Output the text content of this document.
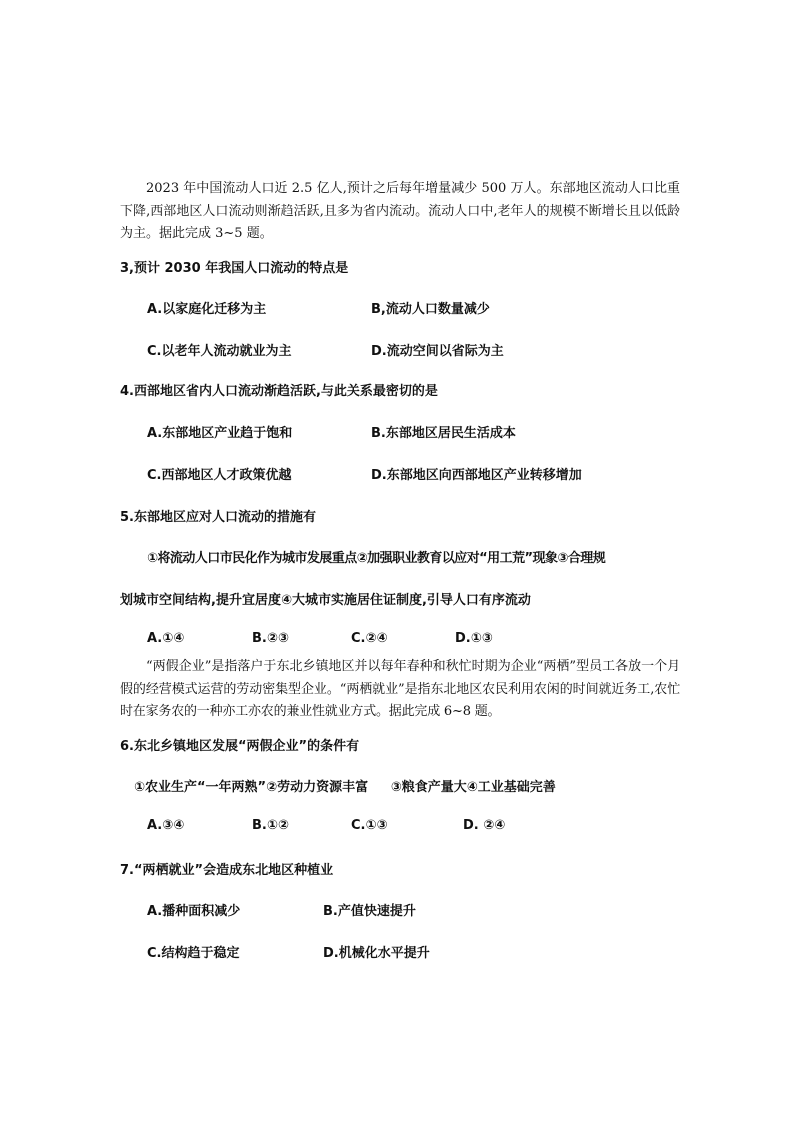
2023 年中国流动人口近 2.5 亿人,预计之后每年增量减少 500 万人。东部地区流动人口比重下降,西部地区人口流动则渐趋活跃,且多为省内流动。流动人口中,老年人的规模不断增长且以低龄为主。据此完成 3~5 题。

3,预计 2030 年我国人口流动的特点是

A.以家庭化迁移为主	B,流动人口数量减少

C.以老年人流动就业为主	D.流动空间以省际为主

4.西部地区省内人口流动渐趋活跃,与此关系最密切的是

A.东部地区产业趋于饱和	B.东部地区居民生活成本

C.西部地区人才政策优越	D.东部地区向西部地区产业转移增加

5.东部地区应对人口流动的措施有

①将流动人口市民化作为城市发展重点②加强职业教育以应对“用工荒”现象③合理规

划城市空间结构,提升宜居度④大城市实施居住证制度,引导人口有序流动

A.①④	B.②③	C.②④	D.①③

“两假企业”是指落户于东北乡镇地区并以每年春种和秋忙时期为企业“两栖”型员工各放一个月假的经营模式运营的劳动密集型企业。“两栖就业”是指东北地区农民利用农闲的时间就近务工,农忙时在家务农的一种亦工亦农的兼业性就业方式。据此完成 6~8 题。

6.东北乡镇地区发展“两假企业”的条件有

①农业生产“一年两熟”②劳动力资源丰富     ③粮食产量大④工业基础完善

A.③④	B.①②	C.①③	D. ②④

7.“两栖就业”会造成东北地区种植业

A.播种面积减少	B.产值快速提升

C.结构趋于稳定	D.机械化水平提升
